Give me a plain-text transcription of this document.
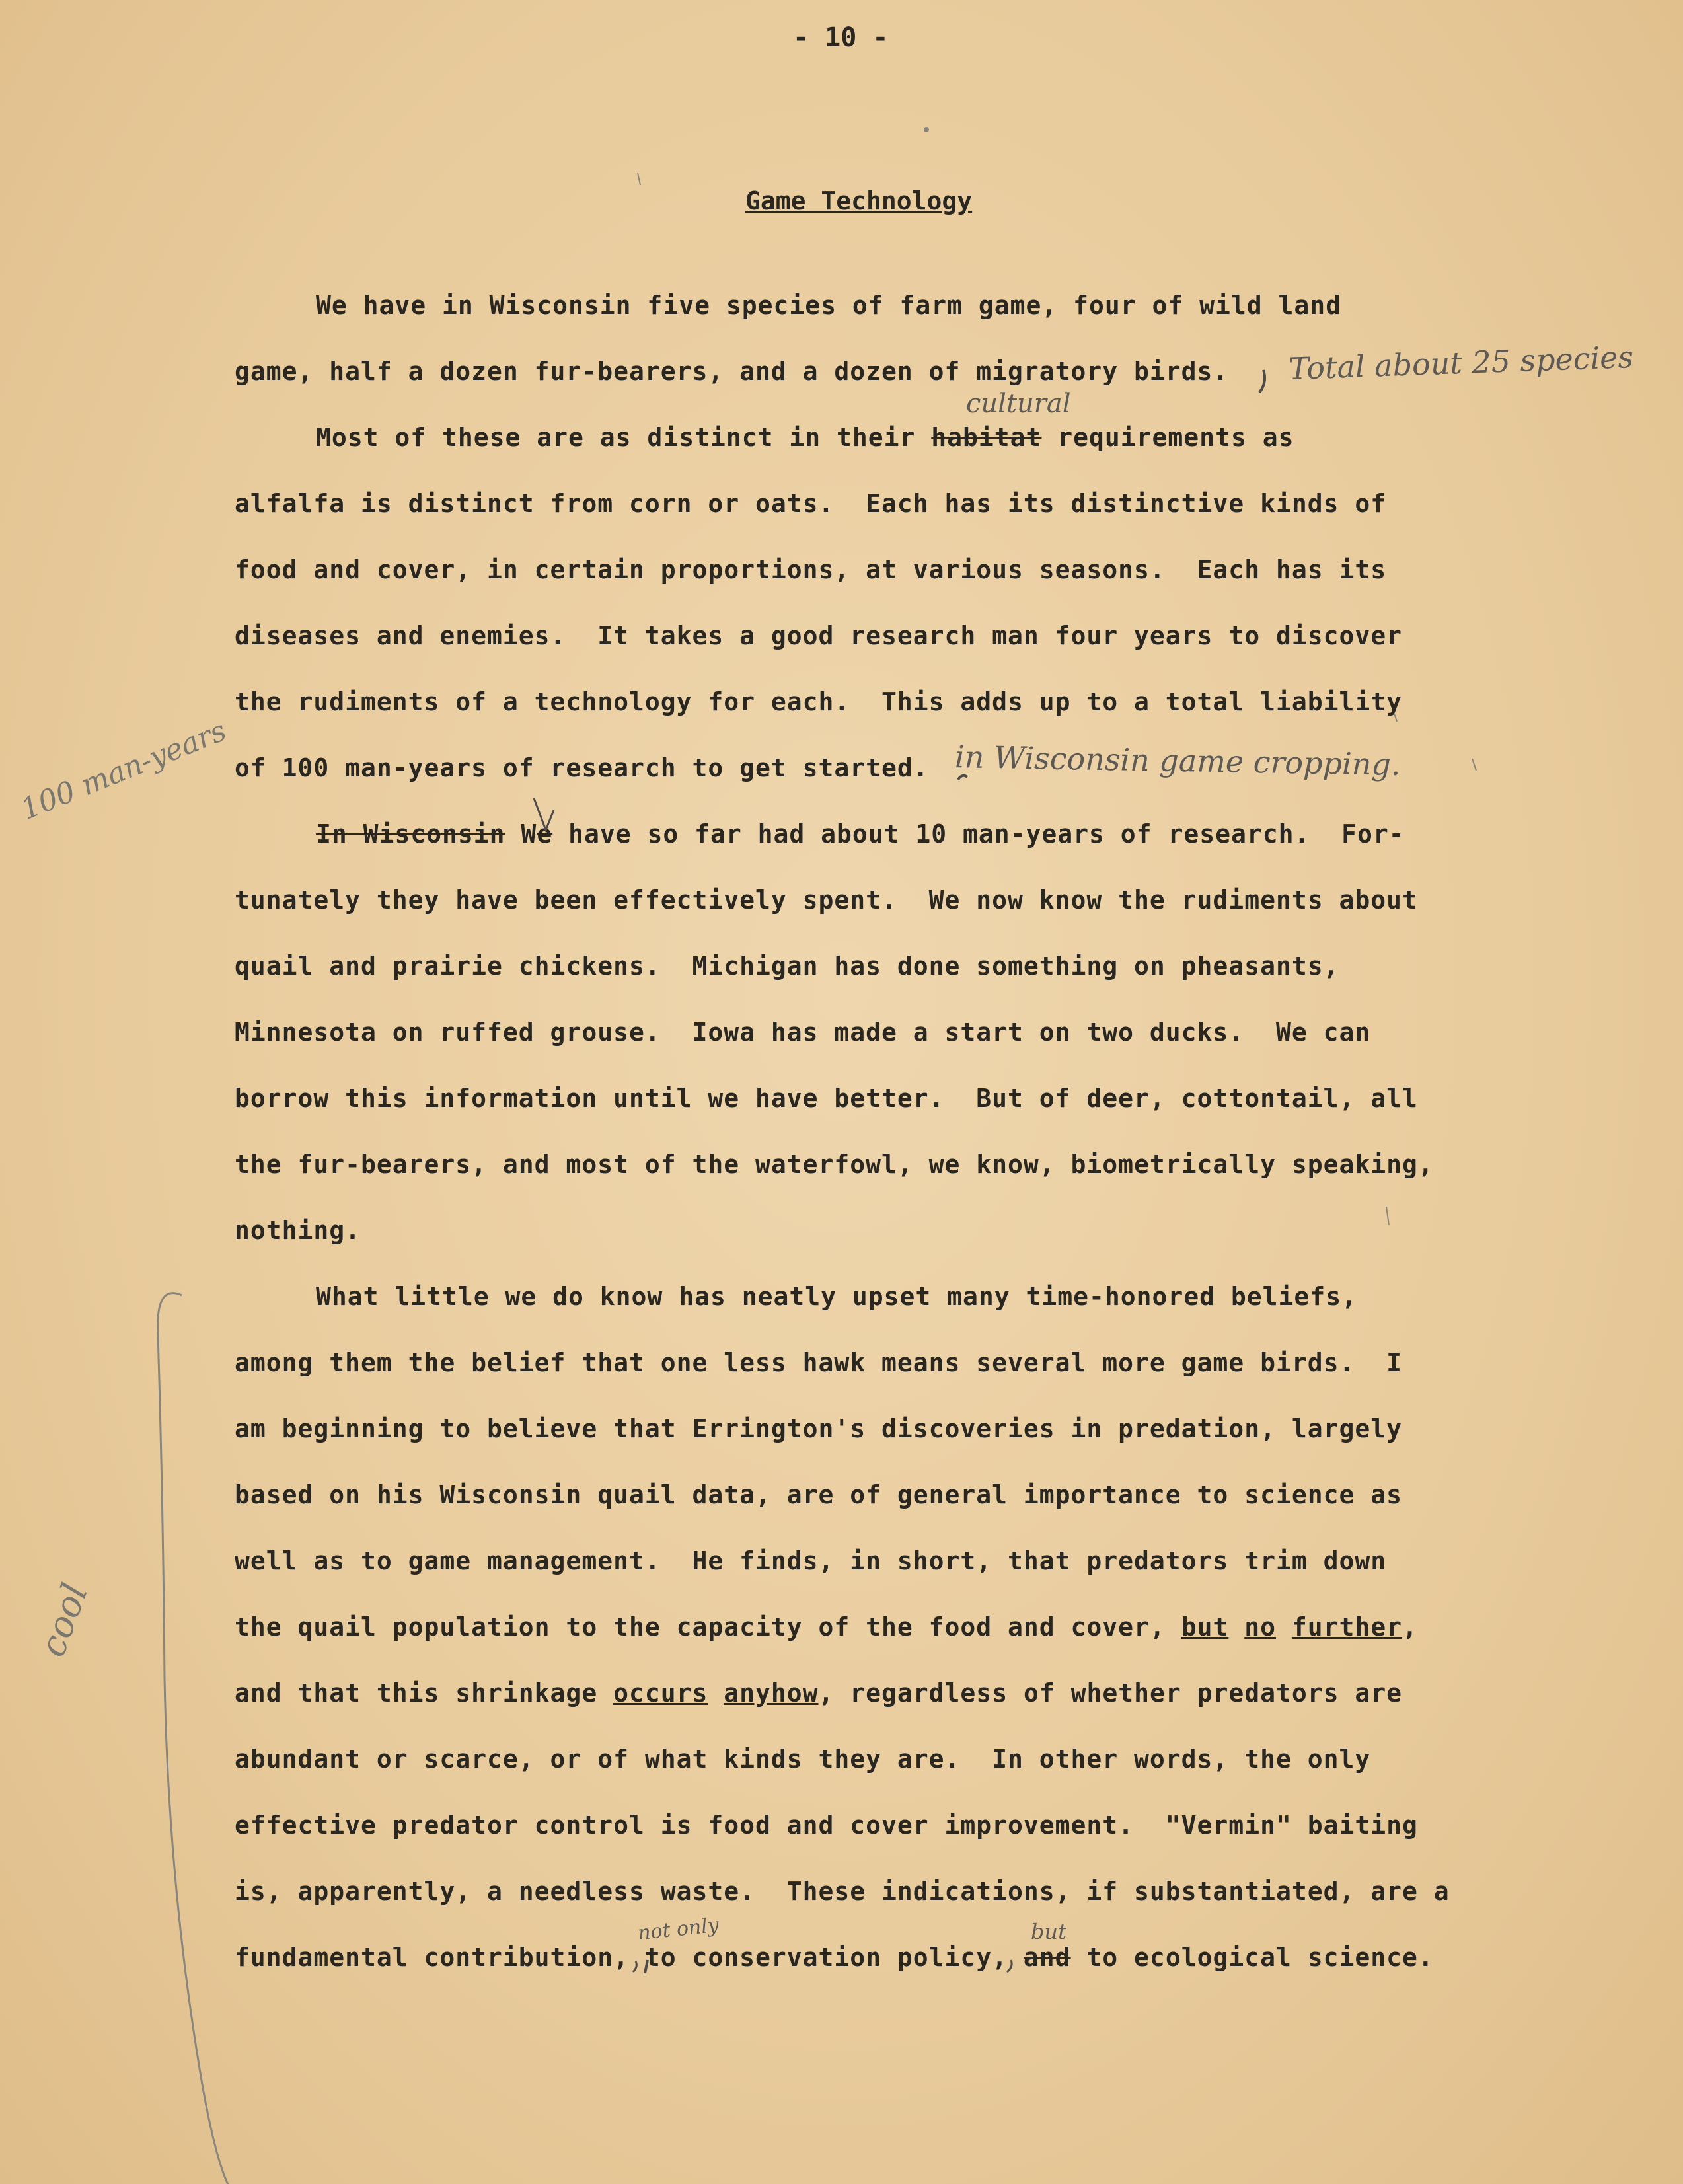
- 10 -
Game Technology
We have in Wisconsin five species of farm game, four of wild land
game, half a dozen fur-bearers, and a dozen of migratory birds.
Most of these are as distinct in their habitat requirements as
alfalfa is distinct from corn or oats.  Each has its distinctive kinds of
food and cover, in certain proportions, at various seasons.  Each has its
diseases and enemies.  It takes a good research man four years to discover
the rudiments of a technology for each.  This adds up to a total liability
of 100 man-years of research to get started.
In Wisconsin We have so far had about 10 man-years of research.  For-
tunately they have been effectively spent.  We now know the rudiments about
quail and prairie chickens.  Michigan has done something on pheasants,
Minnesota on ruffed grouse.  Iowa has made a start on two ducks.  We can
borrow this information until we have better.  But of deer, cottontail, all
the fur-bearers, and most of the waterfowl, we know, biometrically speaking,
nothing.
What little we do know has neatly upset many time-honored beliefs,
among them the belief that one less hawk means several more game birds.  I
am beginning to believe that Errington's discoveries in predation, largely
based on his Wisconsin quail data, are of general importance to science as
well as to game management.  He finds, in short, that predators trim down
the quail population to the capacity of the food and cover, but no further,
and that this shrinkage occurs anyhow, regardless of whether predators are
abundant or scarce, or of what kinds they are.  In other words, the only
effective predator control is food and cover improvement.  "Vermin" baiting
is, apparently, a needless waste.  These indications, if substantiated, are a
fundamental contribution, to conservation policy, and to ecological science.
Total about 25 species
cultural
in Wisconsin game cropping.
100 man-years
cool
not only	but
